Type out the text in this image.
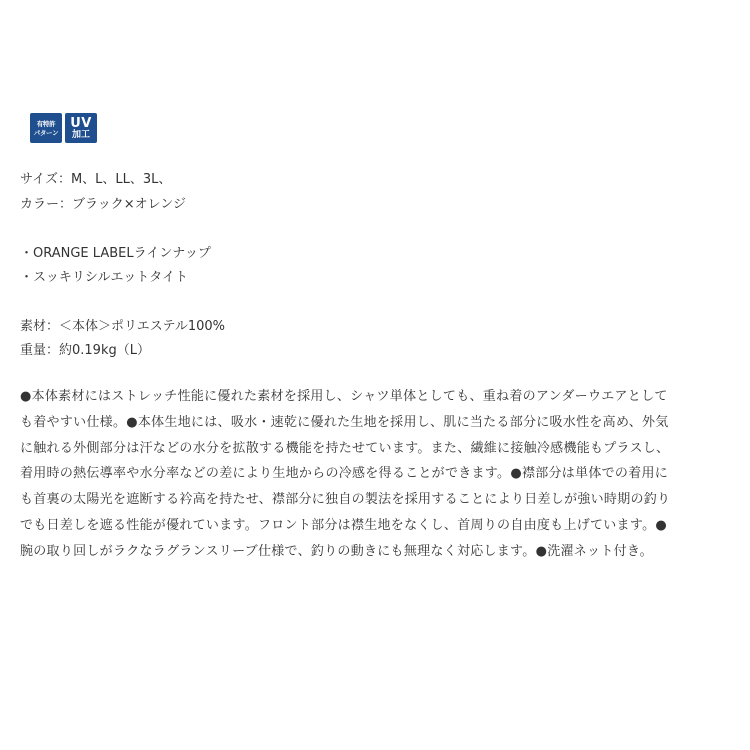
有特許
パターン
UV
加工
サイズ：M、L、LL、3L、
カラー：ブラック×オレンジ
・ORANGE LABELラインナップ
・スッキリシルエットタイト
素材：＜本体＞ポリエステル100%
重量：約0.19kg（L）
●本体素材にはストレッチ性能に優れた素材を採用し、シャツ単体としても、重ね着のアンダーウエアとして
も着やすい仕様。●本体生地には、吸水・速乾に優れた生地を採用し、肌に当たる部分に吸水性を高め、外気
に触れる外側部分は汗などの水分を拡散する機能を持たせています。また、繊維に接触冷感機能もプラスし、
着用時の熱伝導率や水分率などの差により生地からの冷感を得ることができます。●襟部分は単体での着用に
も首裏の太陽光を遮断する衿高を持たせ、襟部分に独自の製法を採用することにより日差しが強い時期の釣り
でも日差しを遮る性能が優れています。フロント部分は襟生地をなくし、首周りの自由度も上げています。●
腕の取り回しがラクなラグランスリーブ仕様で、釣りの動きにも無理なく対応します。●洗濯ネット付き。
